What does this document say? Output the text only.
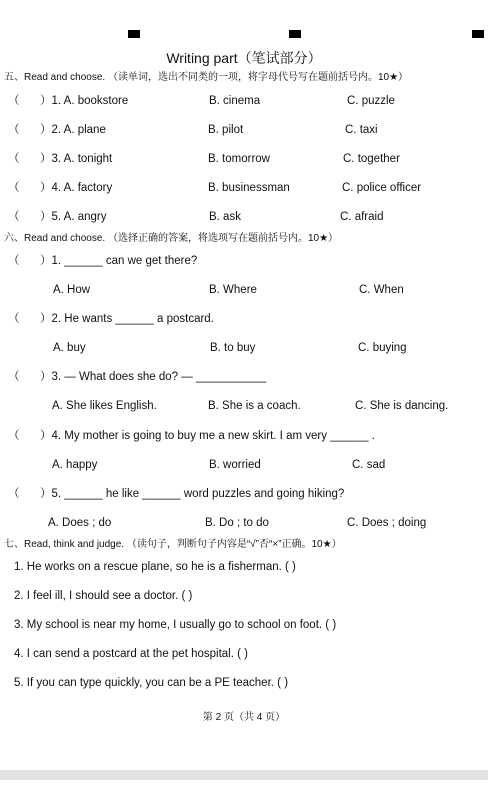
Writing part（笔试部分）
五、Read and choose. （读单词，选出不同类的一项，将字母代号写在题前括号内。10★）
（ ）1. A. bookstore	B. cinema	C. puzzle
（ ）2. A. plane	B. pilot	C. taxi
（ ）3. A. tonight	B. tomorrow	C. together
（ ）4. A. factory	B. businessman	C. police officer
（ ）5. A. angry	B. ask	C. afraid
六、Read and choose. （选择正确的答案，将选项写在题前括号内。10★）
（ ）1. ______ can we get there?
A. How	B. Where	C. When
（ ）2. He wants ______ a postcard.
A. buy	B. to buy	C. buying
（ ）3. — What does she do? — ___________
A. She likes English.	B. She is a coach.	C. She is dancing.
（ ）4. My mother is going to buy me a new skirt. I am very ______ .
A. happy	B. worried	C. sad
（ ）5. ______ he like ______ word puzzles and going hiking?
A. Does ; do	B. Do ; to do	C. Does ; doing
七、Read, think and judge. （读句子，判断句子内容是“√”否“×”正确。10★）
1. He works on a rescue plane, so he is a fisherman. ( )
2. I feel ill, I should see a doctor. ( )
3. My school is near my home, I usually go to school on foot. ( )
4. I can send a postcard at the pet hospital. ( )
5. If you can type quickly, you can be a PE teacher. ( )
第 2 页（共 4 页）
